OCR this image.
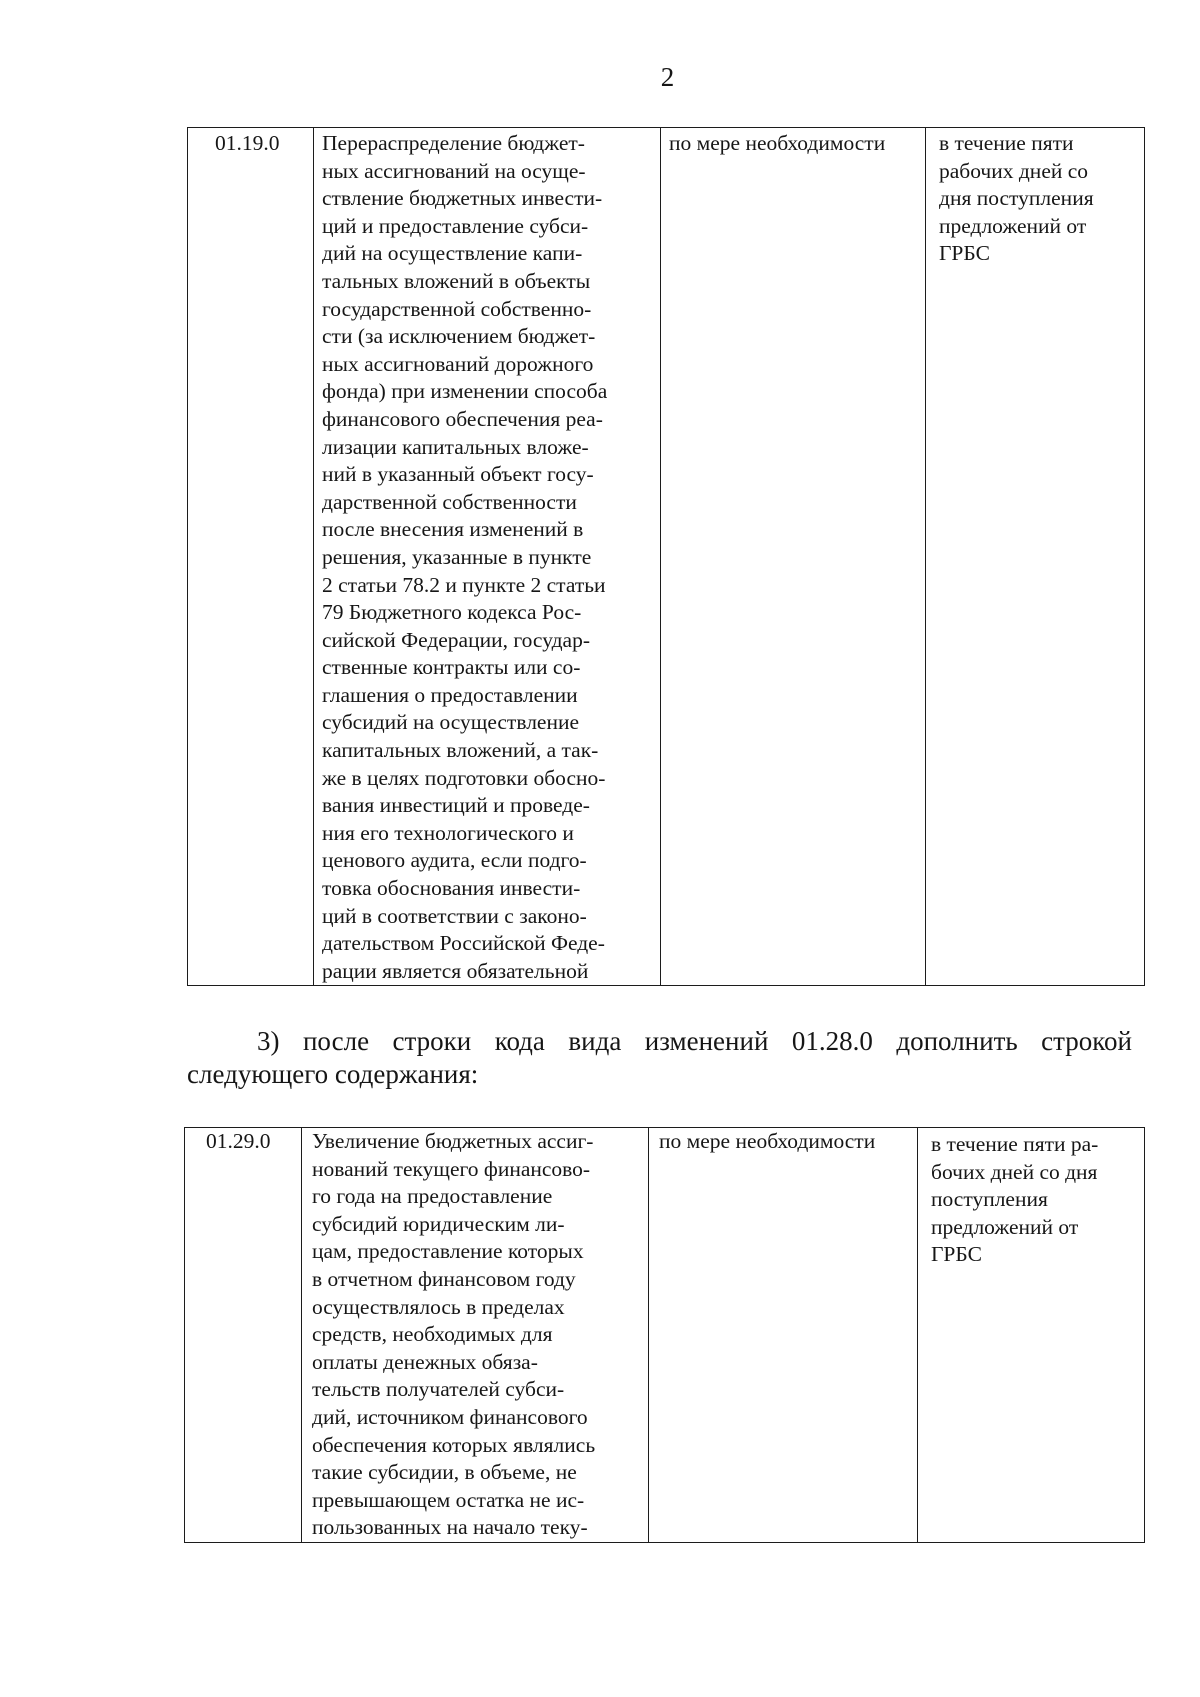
2
01.19.0	Перераспределение бюджет-
ных ассигнований на осуще-
ствление бюджетных инвести-
ций и предоставление субси-
дий на осуществление капи-
тальных вложений в объекты
государственной собственно-
сти (за исключением бюджет-
ных ассигнований дорожного
фонда) при изменении способа
финансового обеспечения реа-
лизации капитальных вложе-
ний в указанный объект госу-
дарственной собственности
после внесения изменений в
решения, указанные в пункте
2 статьи 78.2 и пункте 2 статьи
79 Бюджетного кодекса Рос-
сийской Федерации, государ-
ственные контракты или со-
глашения о предоставлении
субсидий на осуществление
капитальных вложений, а так-
же в целях подготовки обосно-
вания инвестиций и проведе-
ния его технологического и
ценового аудита, если подго-
товка обоснования инвести-
ций в соответствии с законо-
дательством Российской Феде-
рации является обязательной
	по мере необходимости	в течение пяти
рабочих дней со
дня поступления
предложений от
ГРБС
3) после строки кода вида изменений 01.28.0 дополнить строкой
следующего содержания:
01.29.0	Увеличение бюджетных ассиг-
нований текущего финансово-
го года на предоставление
субсидий юридическим ли-
цам, предоставление которых
в отчетном финансовом году
осуществлялось в пределах
средств, необходимых для
оплаты денежных обяза-
тельств получателей субси-
дий, источником финансового
обеспечения которых являлись
такие субсидии, в объеме, не
превышающем остатка не ис-
пользованных на начало теку-
	по мере необходимости	в течение пяти ра-
бочих дней со дня
поступления
предложений от
ГРБС
